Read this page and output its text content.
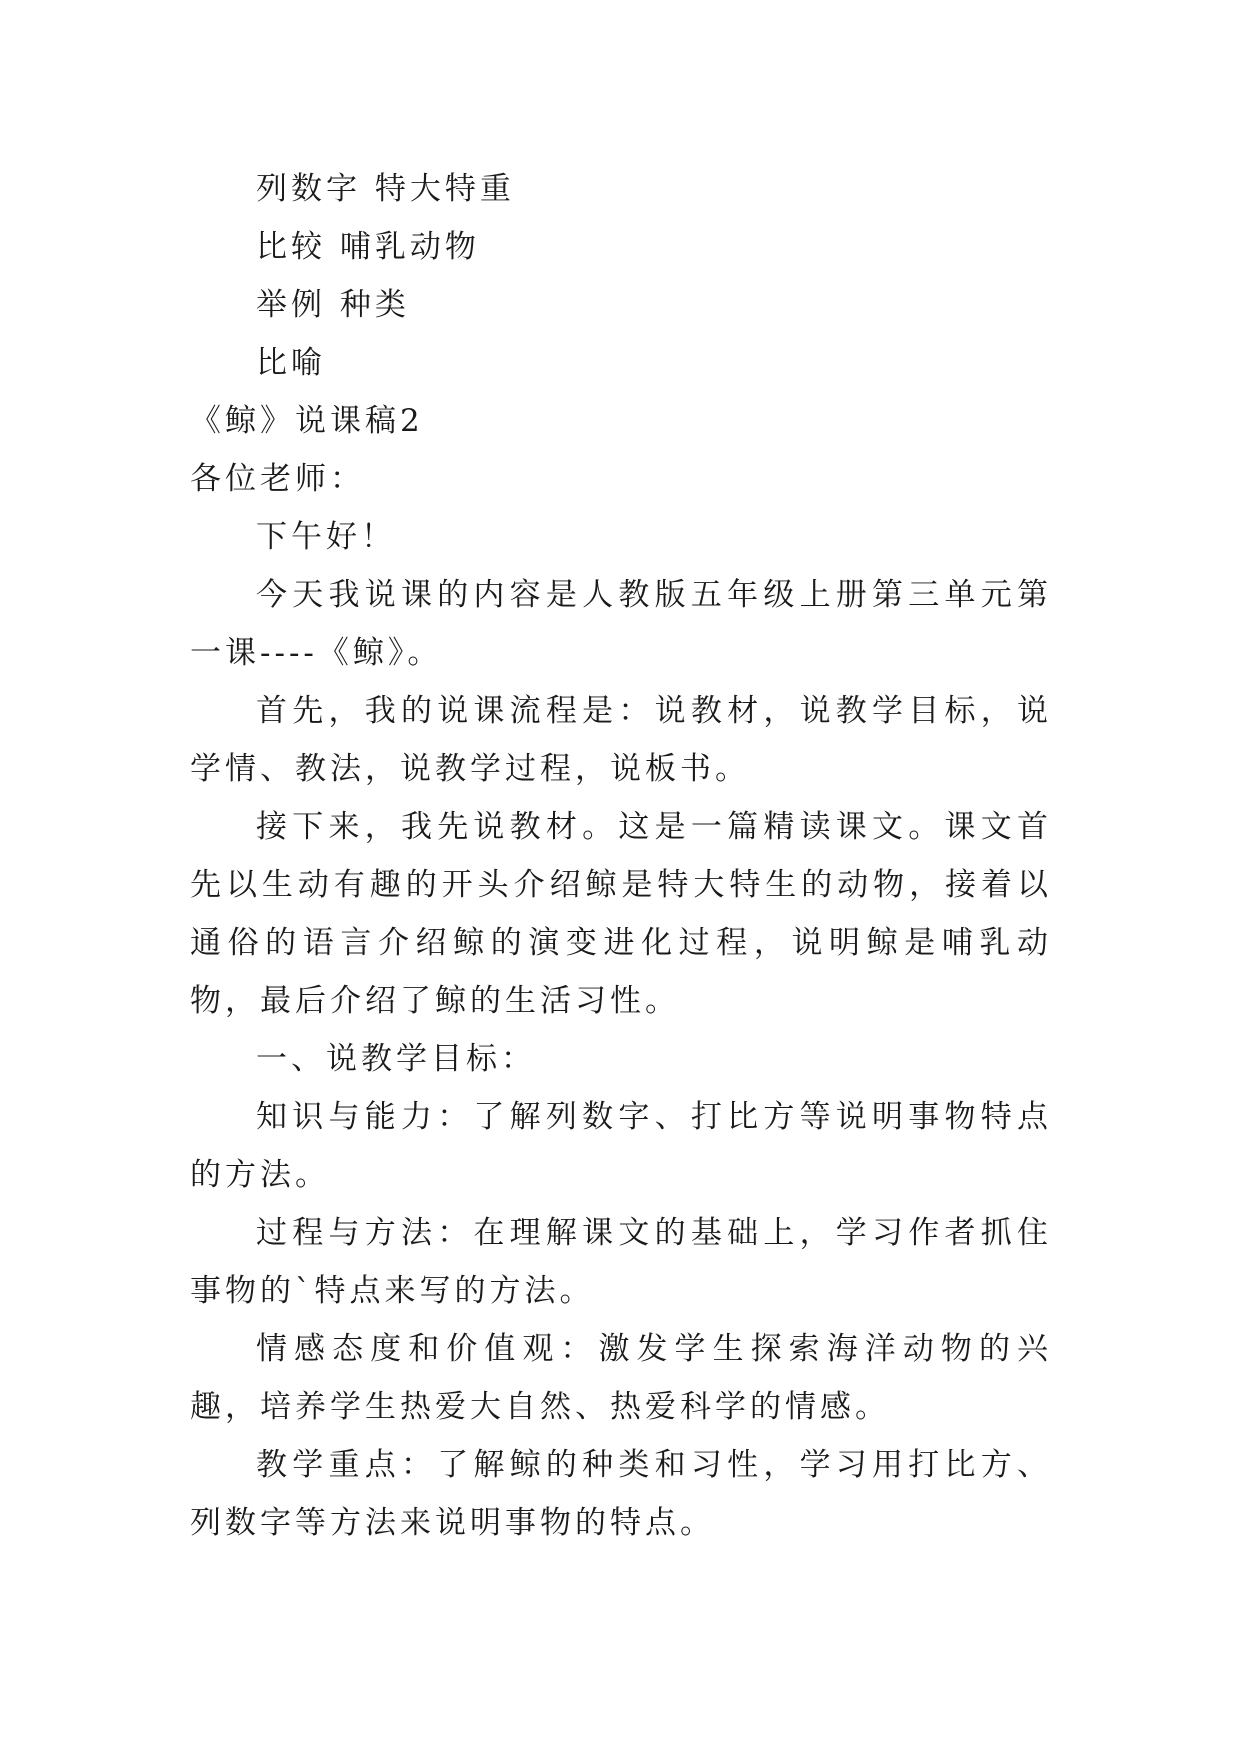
列数字 特大特重
比较 哺乳动物
举例 种类
比喻
《鲸》说课稿2
各位老师：
下午好！
今天我说课的内容是人教版五年级上册第三单元第一课----《鲸》。
首先，我的说课流程是：说教材，说教学目标，说学情、教法，说教学过程，说板书。
接下来，我先说教材。这是一篇精读课文。课文首先以生动有趣的开头介绍鲸是特大特生的动物，接着以通俗的语言介绍鲸的演变进化过程，说明鲸是哺乳动物，最后介绍了鲸的生活习性。
一、说教学目标：
知识与能力：了解列数字、打比方等说明事物特点的方法。
过程与方法：在理解课文的基础上，学习作者抓住事物的`特点来写的方法。
情感态度和价值观：激发学生探索海洋动物的兴趣，培养学生热爱大自然、热爱科学的情感。
教学重点：了解鲸的种类和习性，学习用打比方、列数字等方法来说明事物的特点。
